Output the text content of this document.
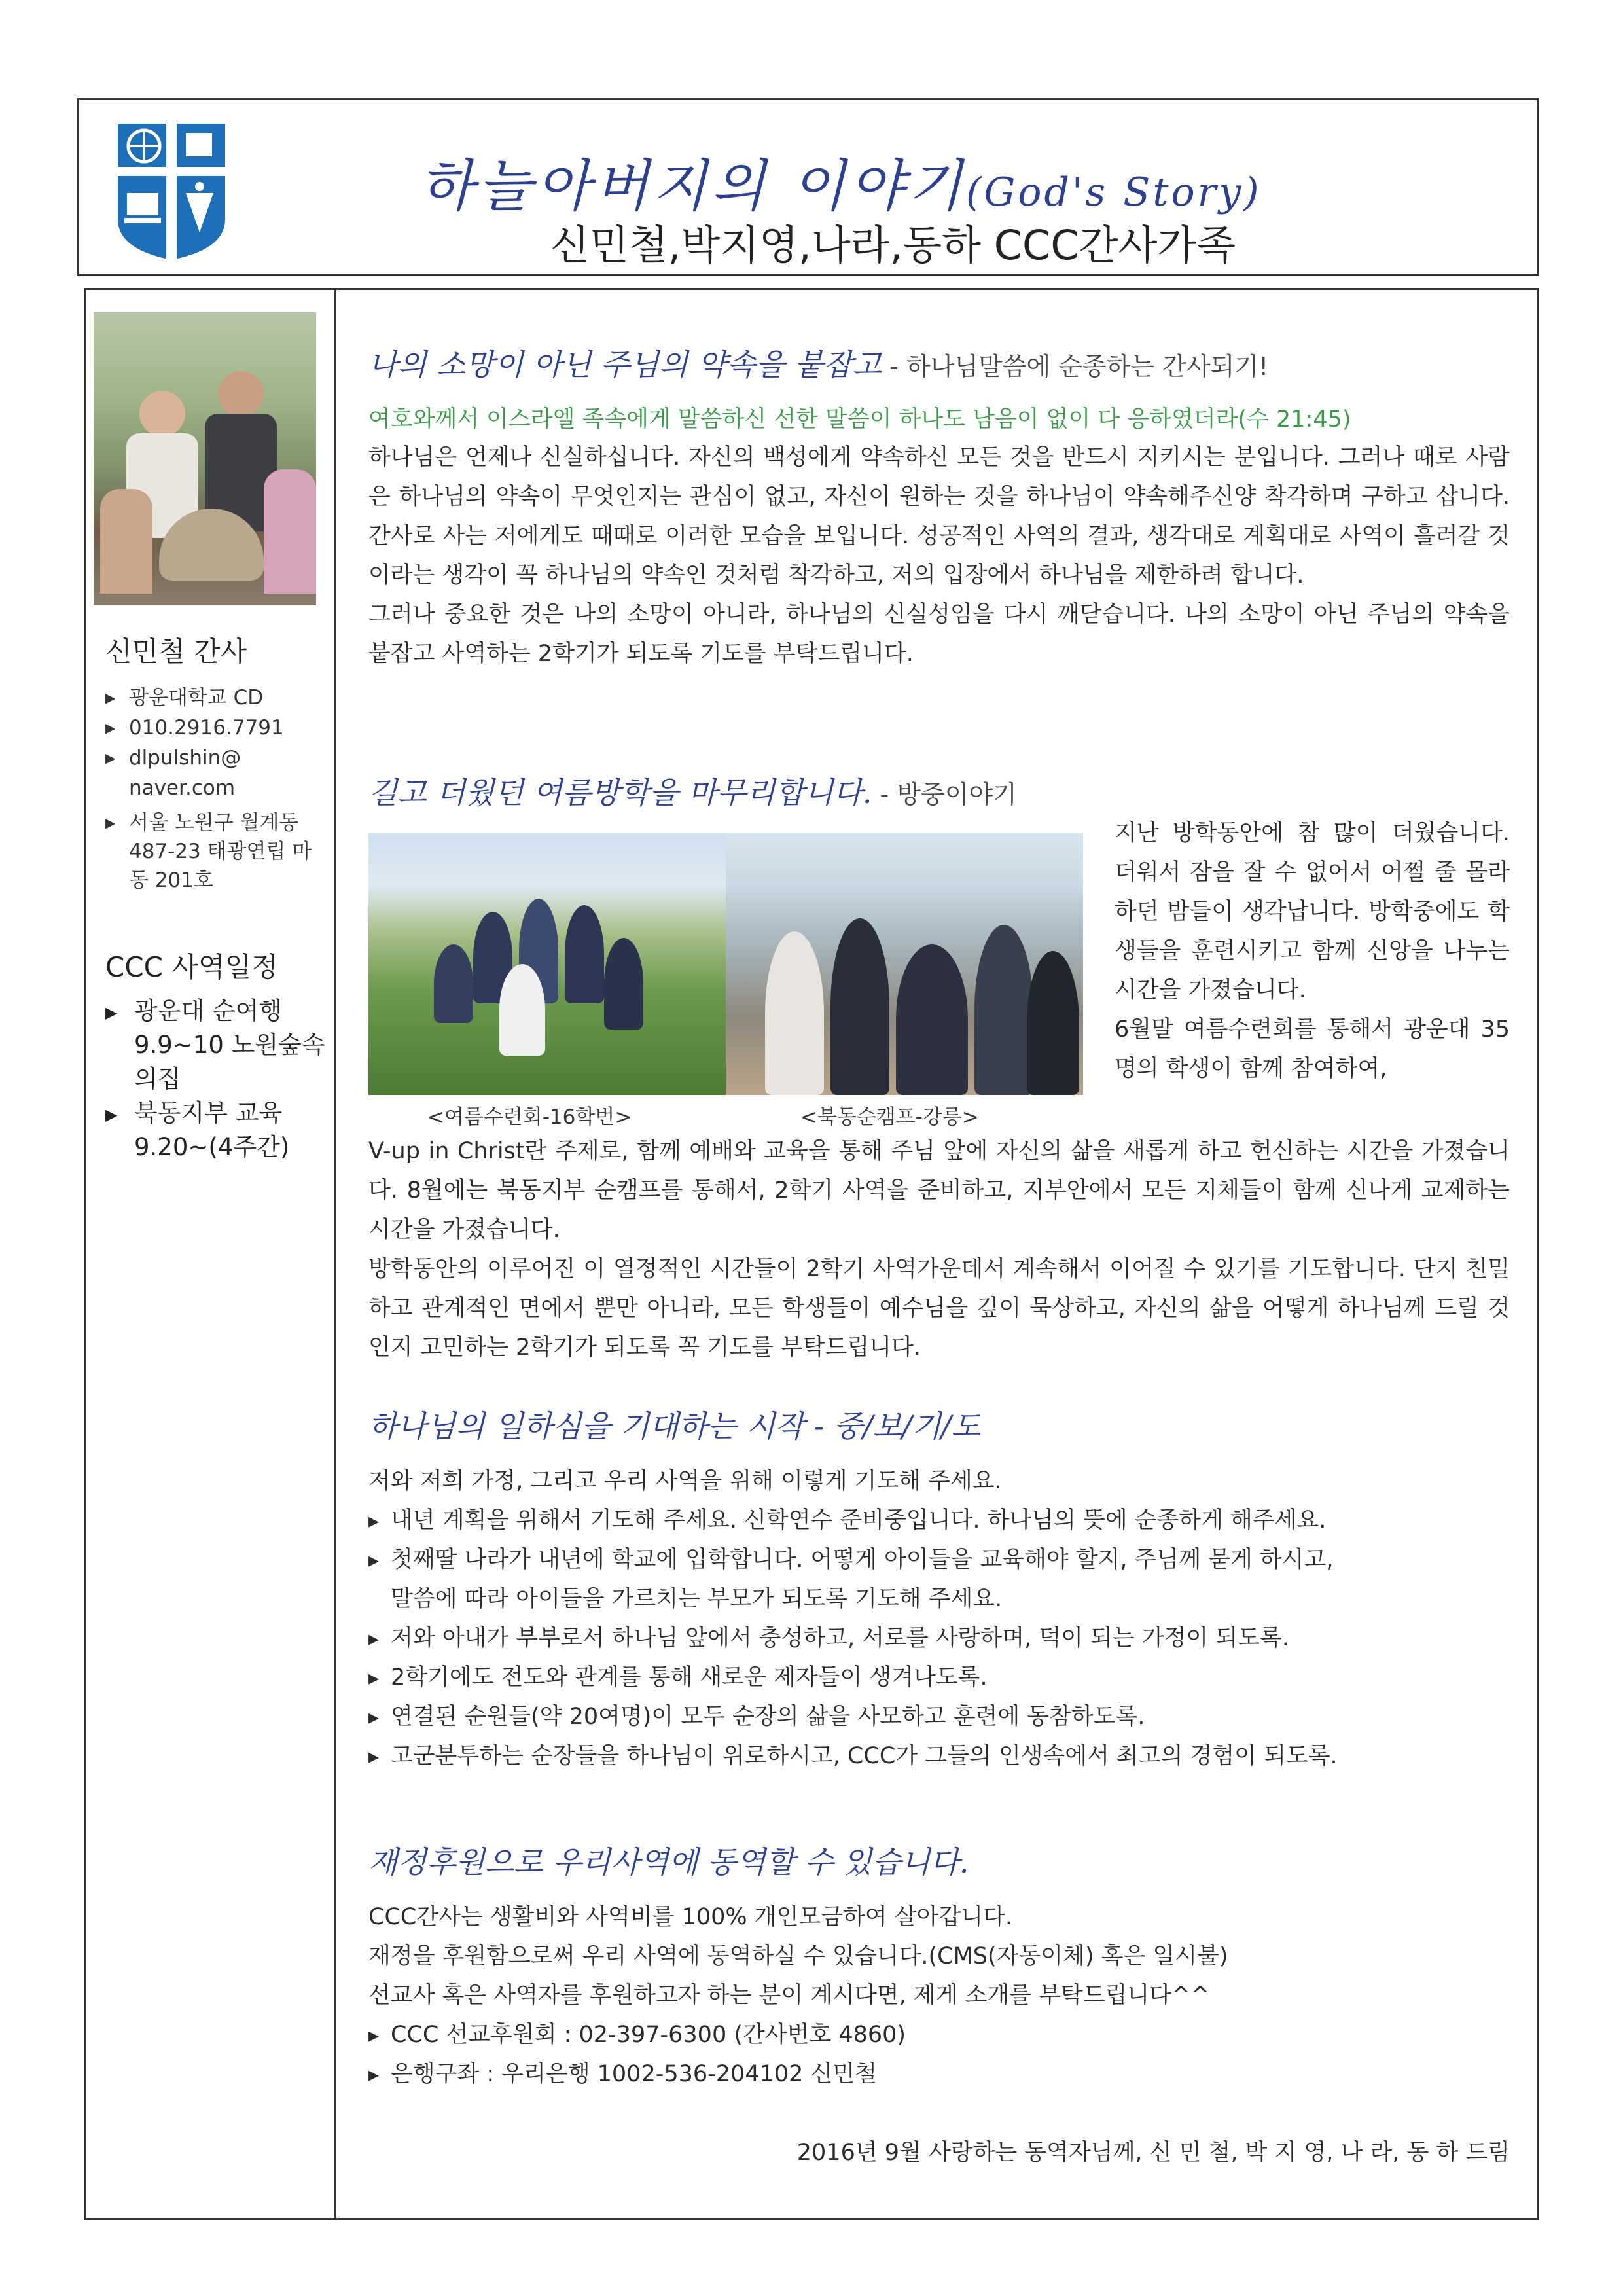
하늘아버지의 이야기(God's Story)
신민철,박지영,나라,동하 CCC간사가족
신민철 간사
▶ 광운대학교 CD
▶ 010.2916.7791
▶ dlpulshin@ naver.com
▶ 서울 노원구 월계동 487-23 태광연립 마동 201호
CCC 사역일정
▶ 광운대 순여행 9.9~10 노원숲속의집
▶ 북동지부 교육 9.20~(4주간)
나의 소망이 아닌 주님의 약속을 붙잡고 - 하나님말씀에 순종하는 간사되기!
여호와께서 이스라엘 족속에게 말씀하신 선한 말씀이 하나도 남음이 없이 다 응하였더라(수 21:45)

하나님은 언제나 신실하십니다. 자신의 백성에게 약속하신 모든 것을 반드시 지키시는 분입니다. 그러나 때로 사람은 하나님의 약속이 무엇인지는 관심이 없고, 자신이 원하는 것을 하나님이 약속해주신양 착각하며 구하고 삽니다. 간사로 사는 저에게도 때때로 이러한 모습을 보입니다. 성공적인 사역의 결과, 생각대로 계획대로 사역이 흘러갈 것이라는 생각이 꼭 하나님의 약속인 것처럼 착각하고, 저의 입장에서 하나님을 제한하려 합니다.

그러나 중요한 것은 나의 소망이 아니라, 하나님의 신실성임을 다시 깨닫습니다. 나의 소망이 아닌 주님의 약속을 붙잡고 사역하는 2학기가 되도록 기도를 부탁드립니다.

길고 더웠던 여름방학을 마무리합니다. - 방중이야기
<여름수련회-16학번>	<북동순캠프-강릉>

지난 방학동안에 참 많이 더웠습니다. 더워서 잠을 잘 수 없어서 어쩔 줄 몰라하던 밤들이 생각납니다. 방학중에도 학생들을 훈련시키고 함께 신앙을 나누는 시간을 가졌습니다.

6월말 여름수련회를 통해서 광운대 35명의 학생이 함께 참여하여,

V-up in Christ란 주제로, 함께 예배와 교육을 통해 주님 앞에 자신의 삶을 새롭게 하고 헌신하는 시간을 가졌습니다. 8월에는 북동지부 순캠프를 통해서, 2학기 사역을 준비하고, 지부안에서 모든 지체들이 함께 신나게 교제하는 시간을 가졌습니다.

방학동안의 이루어진 이 열정적인 시간들이 2학기 사역가운데서 계속해서 이어질 수 있기를 기도합니다. 단지 친밀하고 관계적인 면에서 뿐만 아니라, 모든 학생들이 예수님을 깊이 묵상하고, 자신의 삶을 어떻게 하나님께 드릴 것인지 고민하는 2학기가 되도록 꼭 기도를 부탁드립니다.

하나님의 일하심을 기대하는 시작 - 중/보/기/도
저와 저희 가정, 그리고 우리 사역을 위해 이렇게 기도해 주세요.
▸ 내년 계획을 위해서 기도해 주세요. 신학연수 준비중입니다. 하나님의 뜻에 순종하게 해주세요.
▸ 첫째딸 나라가 내년에 학교에 입학합니다. 어떻게 아이들을 교육해야 할지, 주님께 묻게 하시고,
말씀에 따라 아이들을 가르치는 부모가 되도록 기도해 주세요.
▸ 저와 아내가 부부로서 하나님 앞에서 충성하고, 서로를 사랑하며, 덕이 되는 가정이 되도록.
▸ 2학기에도 전도와 관계를 통해 새로운 제자들이 생겨나도록.
▸ 연결된 순원들(약 20여명)이 모두 순장의 삶을 사모하고 훈련에 동참하도록.
▸ 고군분투하는 순장들을 하나님이 위로하시고, CCC가 그들의 인생속에서 최고의 경험이 되도록.
재정후원으로 우리사역에 동역할 수 있습니다.
CCC간사는 생활비와 사역비를 100% 개인모금하여 살아갑니다.
재정을 후원함으로써 우리 사역에 동역하실 수 있습니다.(CMS(자동이체) 혹은 일시불)
선교사 혹은 사역자를 후원하고자 하는 분이 계시다면, 제게 소개를 부탁드립니다^^
▸ CCC 선교후원회 : 02-397-6300 (간사번호 4860)
▸ 은행구좌 : 우리은행 1002-536-204102 신민철
2016년 9월 사랑하는 동역자님께, 신 민 철, 박 지 영, 나 라, 동 하 드림
